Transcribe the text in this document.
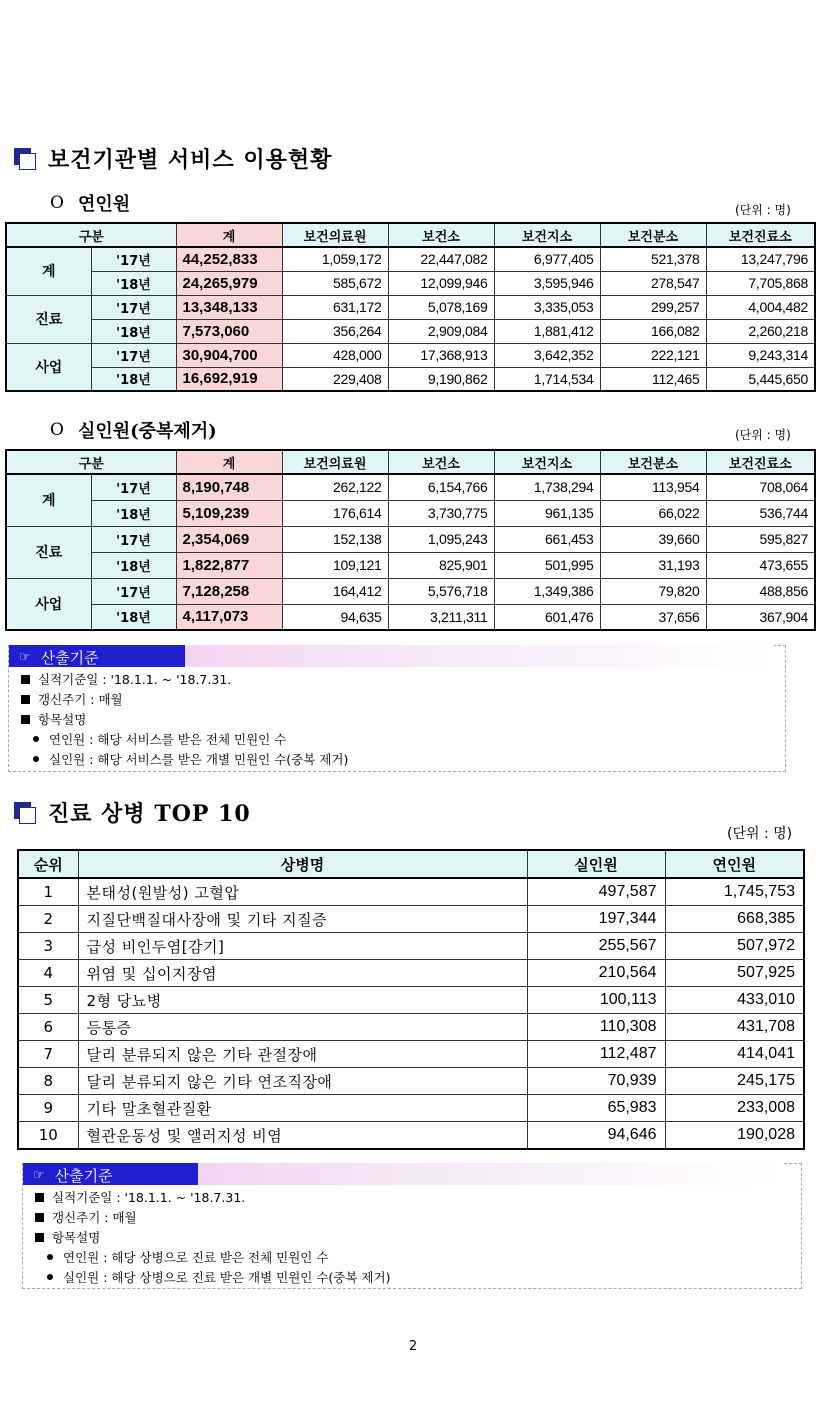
보건기관별 서비스 이용현황
O 연인원	(단위 : 명)
구분		계	보건의료원	보건소	보건지소	보건분소	보건진료소
계	'17년	44,252,833	1,059,172	22,447,082	6,977,405	521,378	13,247,796
	'18년	24,265,979	585,672	12,099,946	3,595,946	278,547	7,705,868
진료	'17년	13,348,133	631,172	5,078,169	3,335,053	299,257	4,004,482
	'18년	7,573,060	356,264	2,909,084	1,881,412	166,082	2,260,218
사업	'17년	30,904,700	428,000	17,368,913	3,642,352	222,121	9,243,314
	'18년	16,692,919	229,408	9,190,862	1,714,534	112,465	5,445,650
O 실인원(중복제거)	(단위 : 명)
구분		계	보건의료원	보건소	보건지소	보건분소	보건진료소
계	'17년	8,190,748	262,122	6,154,766	1,738,294	113,954	708,064
	'18년	5,109,239	176,614	3,730,775	961,135	66,022	536,744
진료	'17년	2,354,069	152,138	1,095,243	661,453	39,660	595,827
	'18년	1,822,877	109,121	825,901	501,995	31,193	473,655
사업	'17년	7,128,258	164,412	5,576,718	1,349,386	79,820	488,856
	'18년	4,117,073	94,635	3,211,311	601,476	37,656	367,904
☞ 산출기준
실적기준일 : '18.1.1. ~ '18.7.31.
갱신주기 : 매월
항목설명
연인원 : 해당 서비스를 받은 전체 민원인 수
실인원 : 해당 서비스를 받은 개별 민원인 수(중복 제거)
진료 상병 TOP 10
(단위 : 명)
순위	상병명	실인원	연인원
1	본태성(원발성) 고혈압	497,587	1,745,753
2	지질단백질대사장애 및 기타 지질증	197,344	668,385
3	급성 비인두염[감기]	255,567	507,972
4	위염 및 십이지장염	210,564	507,925
5	2형 당뇨병	100,113	433,010
6	등통증	110,308	431,708
7	달리 분류되지 않은 기타 관절장애	112,487	414,041
8	달리 분류되지 않은 기타 연조직장애	70,939	245,175
9	기타 말초혈관질환	65,983	233,008
10	혈관운동성 및 앨러지성 비염	94,646	190,028
☞ 산출기준
실적기준일 : '18.1.1. ~ '18.7.31.
갱신주기 : 매월
항목설명
연인원 : 해당 상병으로 진료 받은 전체 민원인 수
실인원 : 해당 상병으로 진료 받은 개별 민원인 수(중복 제거)
2
